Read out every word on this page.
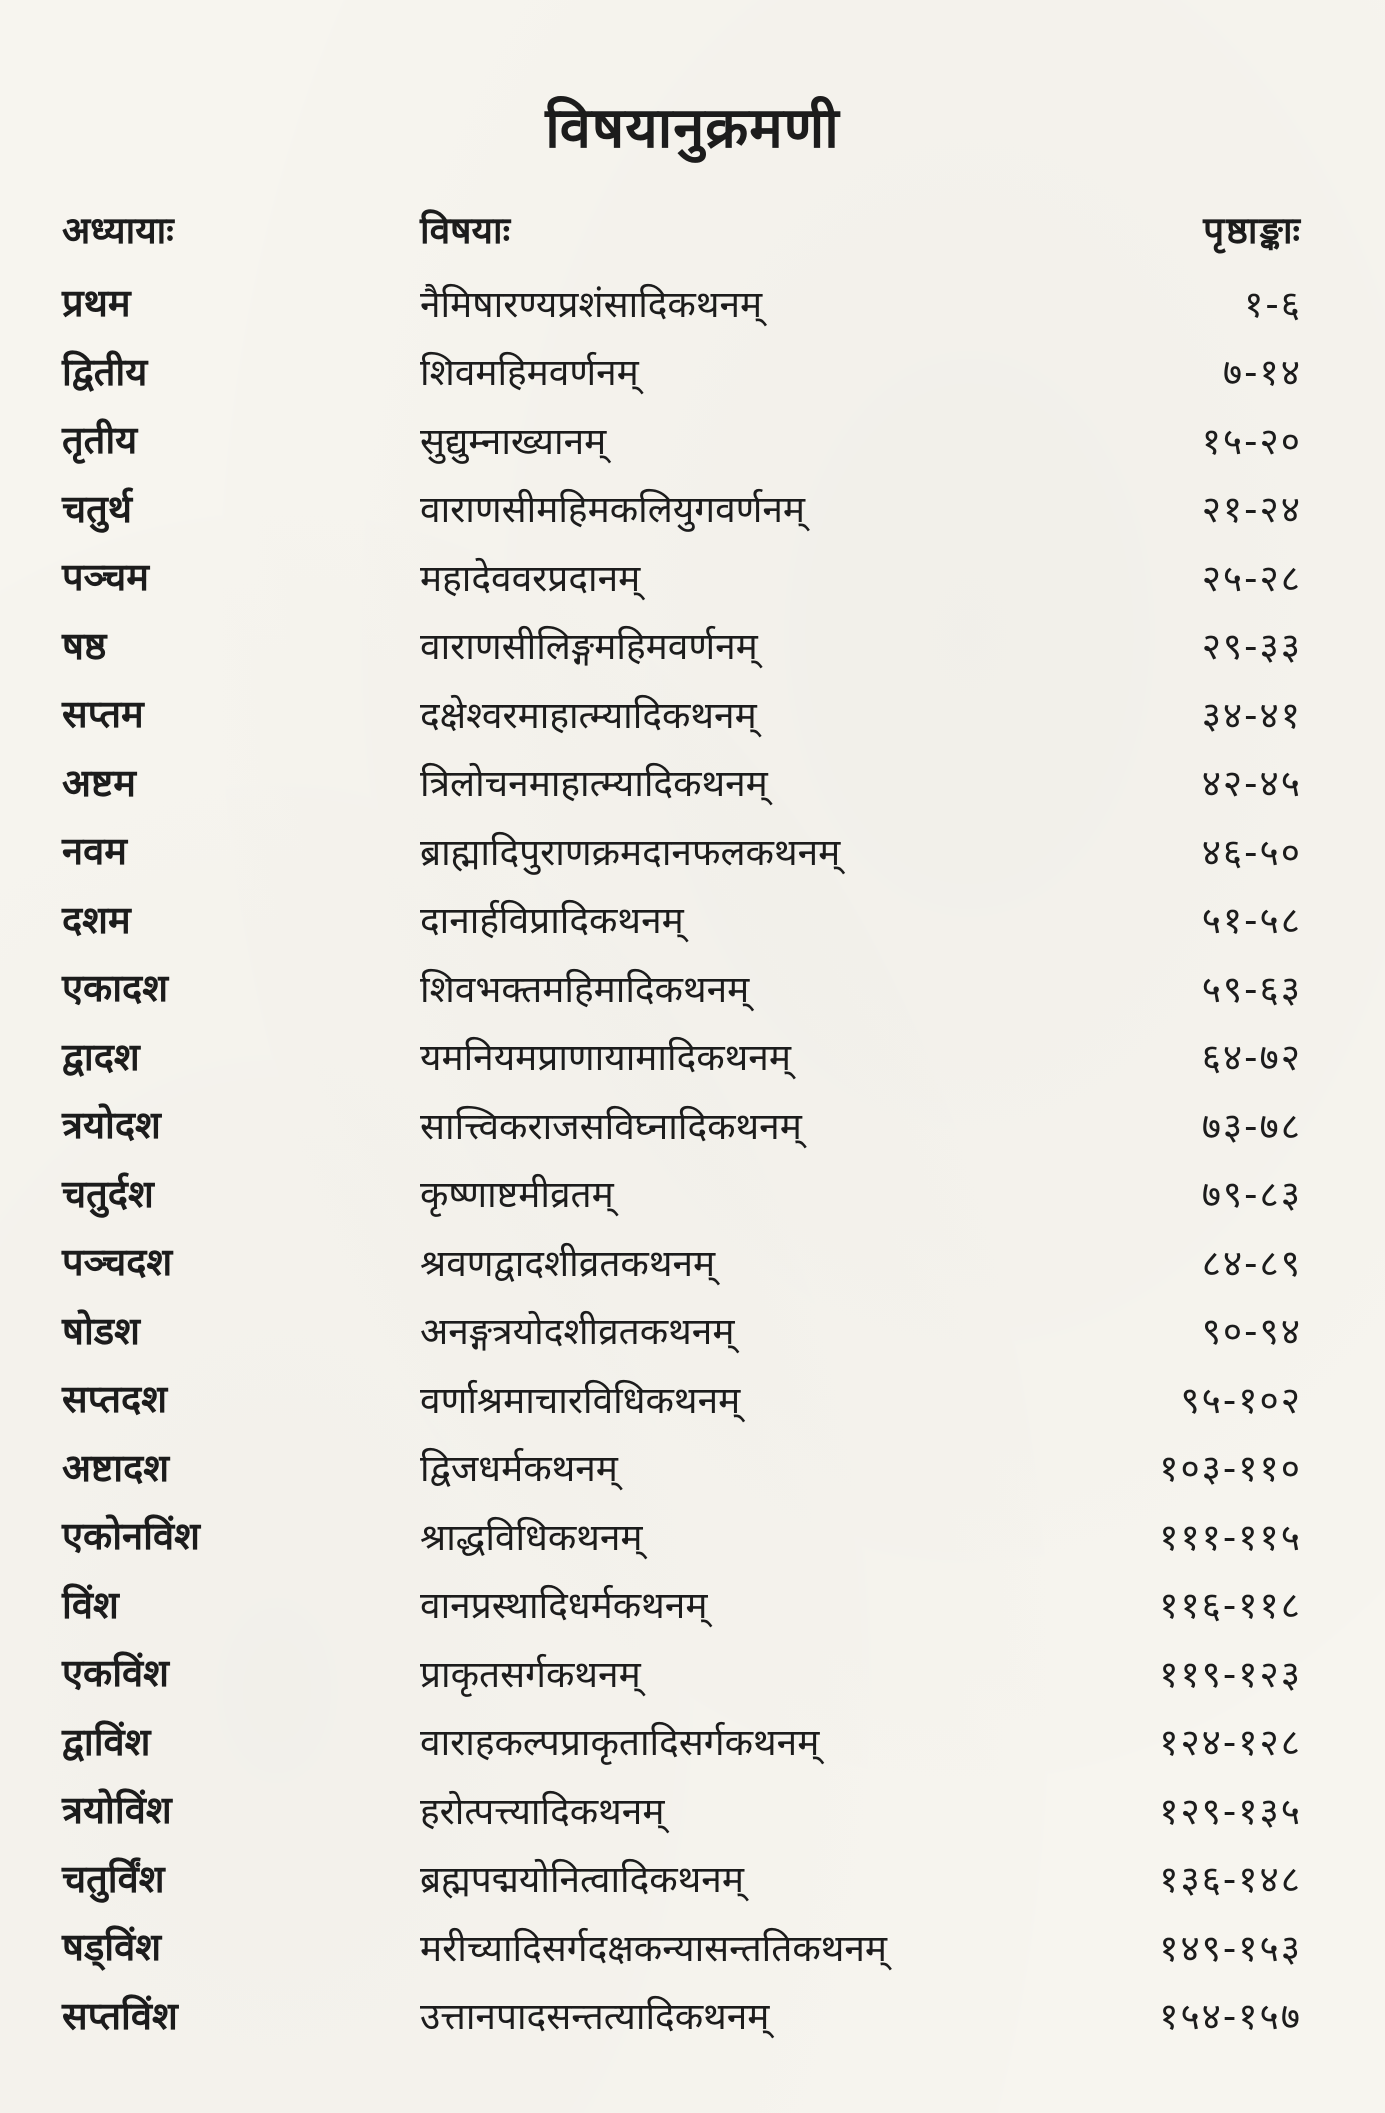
विषयानुक्रमणी
अध्यायाः	विषयाः	पृष्ठाङ्काः
प्रथम	नैमिषारण्यप्रशंसादिकथनम्	१-६
द्वितीय	शिवमहिमवर्णनम्	७-१४
तृतीय	सुद्युम्नाख्यानम्	१५-२०
चतुर्थ	वाराणसीमहिमकलियुगवर्णनम्	२१-२४
पञ्चम	महादेववरप्रदानम्	२५-२८
षष्ठ	वाराणसीलिङ्गमहिमवर्णनम्	२९-३३
सप्तम	दक्षेश्वरमाहात्म्यादिकथनम्	३४-४१
अष्टम	त्रिलोचनमाहात्म्यादिकथनम्	४२-४५
नवम	ब्राह्मादिपुराणक्रमदानफलकथनम्	४६-५०
दशम	दानार्हविप्रादिकथनम्	५१-५८
एकादश	शिवभक्तमहिमादिकथनम्	५९-६३
द्वादश	यमनियमप्राणायामादिकथनम्	६४-७२
त्रयोदश	सात्त्विकराजसविघ्नादिकथनम्	७३-७८
चतुर्दश	कृष्णाष्टमीव्रतम्	७९-८३
पञ्चदश	श्रवणद्वादशीव्रतकथनम्	८४-८९
षोडश	अनङ्गत्रयोदशीव्रतकथनम्	९०-९४
सप्तदश	वर्णाश्रमाचारविधिकथनम्	९५-१०२
अष्टादश	द्विजधर्मकथनम्	१०३-११०
एकोनविंश	श्राद्धविधिकथनम्	१११-११५
विंश	वानप्रस्थादिधर्मकथनम्	११६-११८
एकविंश	प्राकृतसर्गकथनम्	११९-१२३
द्वाविंश	वाराहकल्पप्राकृतादिसर्गकथनम्	१२४-१२८
त्रयोविंश	हरोत्पत्त्यादिकथनम्	१२९-१३५
चतुर्विंश	ब्रह्मपद्मयोनित्वादिकथनम्	१३६-१४८
षड्विंश	मरीच्यादिसर्गदक्षकन्यासन्ततिकथनम्	१४९-१५३
सप्तविंश	उत्तानपादसन्तत्यादिकथनम्	१५४-१५७
